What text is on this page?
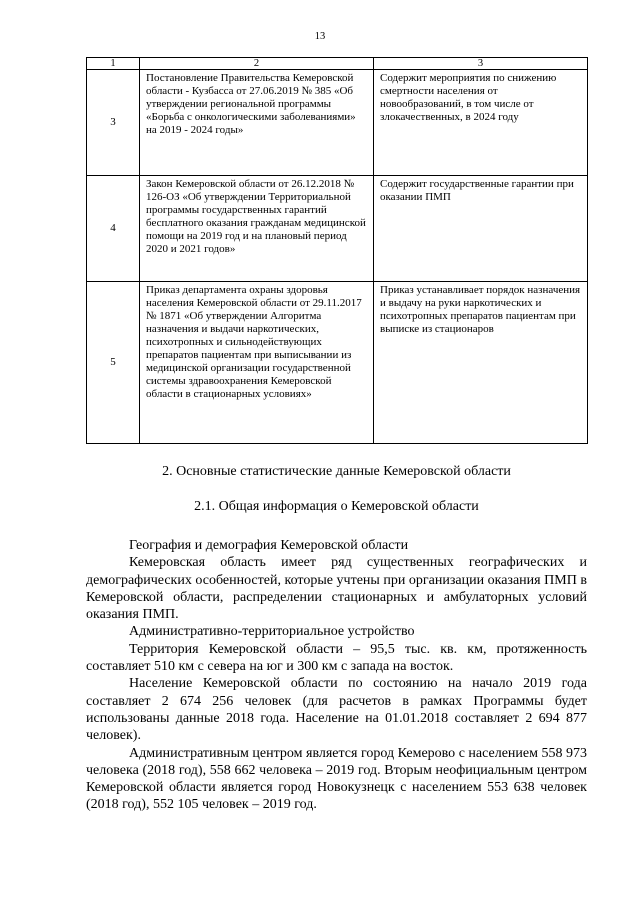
13
1	2	3
3	Постановление Правительства Кемеровской области - Кузбасса от 27.06.2019 № 385 «Об утверждении региональной программы «Борьба с онкологическими заболеваниями» на 2019 - 2024 годы»	Содержит мероприятия по снижению смертности населения от новообразований, в том числе от злокачественных, в 2024 году
4	Закон Кемеровской области от 26.12.2018 № 126-ОЗ «Об утверждении Территориальной программы государственных гарантий бесплатного оказания гражданам медицинской помощи на 2019 год и на плановый период 2020 и 2021 годов»	Содержит государственные гарантии при оказании ПМП
5	Приказ департамента охраны здоровья населения Кемеровской области от 29.11.2017 № 1871 «Об утверждении Алгоритма назначения и выдачи наркотических, психотропных и сильнодействующих препаратов пациентам при выписывании из медицинской организации государственной системы здравоохранения Кемеровской области в стационарных условиях»	Приказ устанавливает порядок назначения и выдачу на руки наркотических и психотропных препаратов пациентам при выписке из стационаров
2. Основные статистические данные Кемеровской области
2.1. Общая информация о Кемеровской области

География и демография Кемеровской области

Кемеровская область имеет ряд существенных географических и демографических особенностей, которые учтены при организации оказания ПМП в Кемеровской области, распределении стационарных и амбулаторных условий оказания ПМП.

Административно-территориальное устройство

Территория Кемеровской области – 95,5 тыс. кв. км, протяженность составляет 510 км с севера на юг и 300 км с запада на восток.

Население Кемеровской области по состоянию на начало 2019 года составляет 2 674 256 человек (для расчетов в рамках Программы будет использованы данные 2018 года. Население на 01.01.2018 составляет 2 694 877 человек).

Административным центром является город Кемерово с населением 558 973 человека (2018 год), 558 662 человека – 2019 год. Вторым неофициальным центром Кемеровской области является город Новокузнецк с населением 553 638 человек (2018 год), 552 105 человек – 2019 год.
